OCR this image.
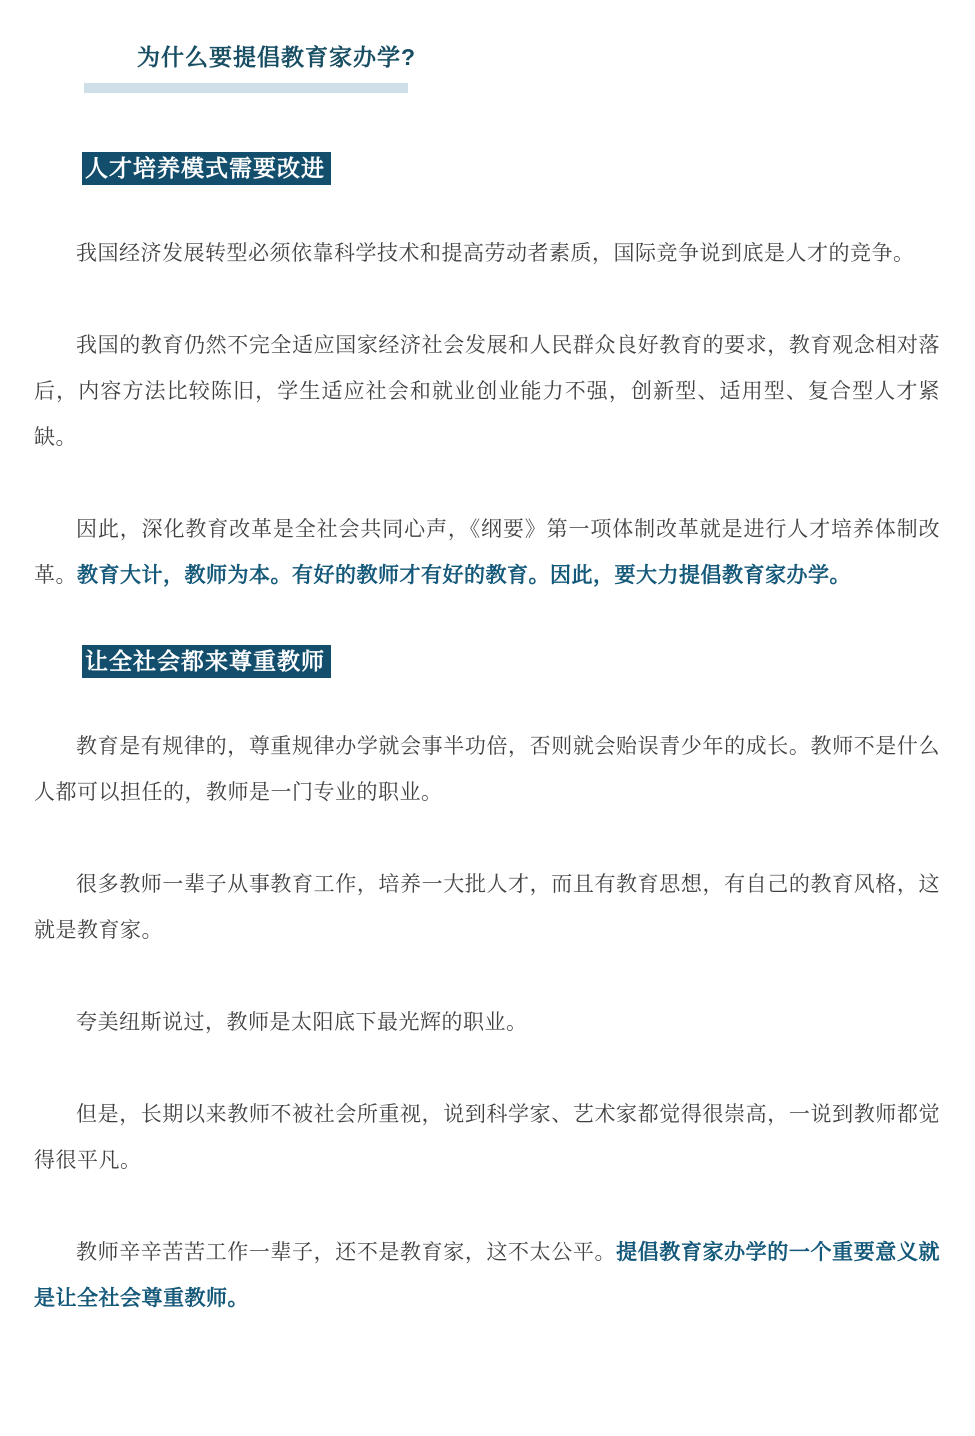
为什么要提倡教育家办学?
人才培养模式需要改进

我国经济发展转型必须依靠科学技术和提高劳动者素质，国际竞争说到底是人才的竞争。

我国的教育仍然不完全适应国家经济社会发展和人民群众良好教育的要求，教育观念相对落后，内容方法比较陈旧，学生适应社会和就业创业能力不强，创新型、适用型、复合型人才紧缺。

因此，深化教育改革是全社会共同心声，《纲要》第一项体制改革就是进行人才培养体制改革。教育大计，教师为本。有好的教师才有好的教育。因此，要大力提倡教育家办学。

让全社会都来尊重教师

教育是有规律的，尊重规律办学就会事半功倍，否则就会贻误青少年的成长。教师不是什么人都可以担任的，教师是一门专业的职业。

很多教师一辈子从事教育工作，培养一大批人才，而且有教育思想，有自己的教育风格，这就是教育家。

夸美纽斯说过，教师是太阳底下最光辉的职业。

但是，长期以来教师不被社会所重视，说到科学家、艺术家都觉得很崇高，一说到教师都觉得很平凡。

教师辛辛苦苦工作一辈子，还不是教育家，这不太公平。提倡教育家办学的一个重要意义就是让全社会尊重教师。
